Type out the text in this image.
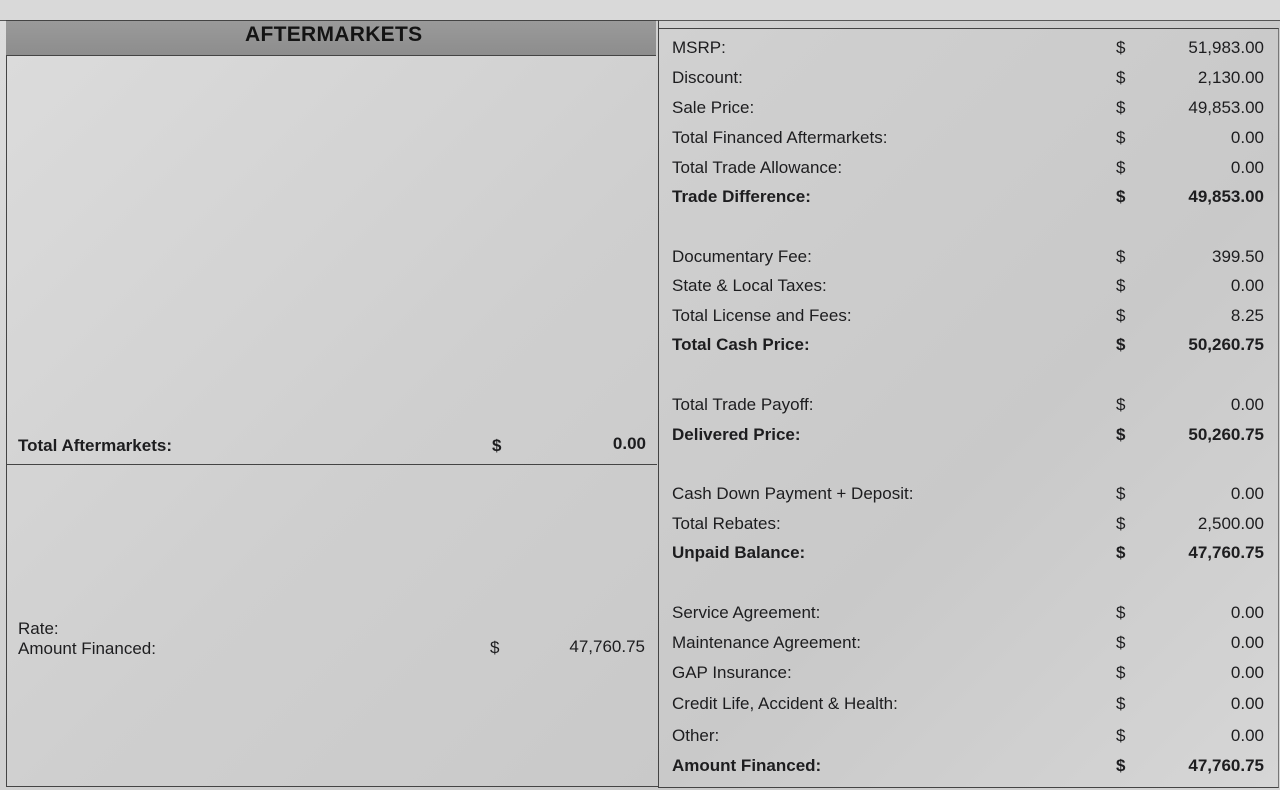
AFTERMARKETS
Total Aftermarkets:	$	0.00
Rate:
Amount Financed:	$	47,760.75
MSRP:	$	51,983.00
Discount:	$	2,130.00
Sale Price:	$	49,853.00
Total Financed Aftermarkets:	$	0.00
Total Trade Allowance:	$	0.00
Trade Difference:	$	49,853.00
Documentary Fee:	$	399.50
State & Local Taxes:	$	0.00
Total License and Fees:	$	8.25
Total Cash Price:	$	50,260.75
Total Trade Payoff:	$	0.00
Delivered Price:	$	50,260.75
Cash Down Payment + Deposit:	$	0.00
Total Rebates:	$	2,500.00
Unpaid Balance:	$	47,760.75
Service Agreement:	$	0.00
Maintenance Agreement:	$	0.00
GAP Insurance:	$	0.00
Credit Life, Accident & Health:	$	0.00
Other:	$	0.00
Amount Financed:	$	47,760.75
